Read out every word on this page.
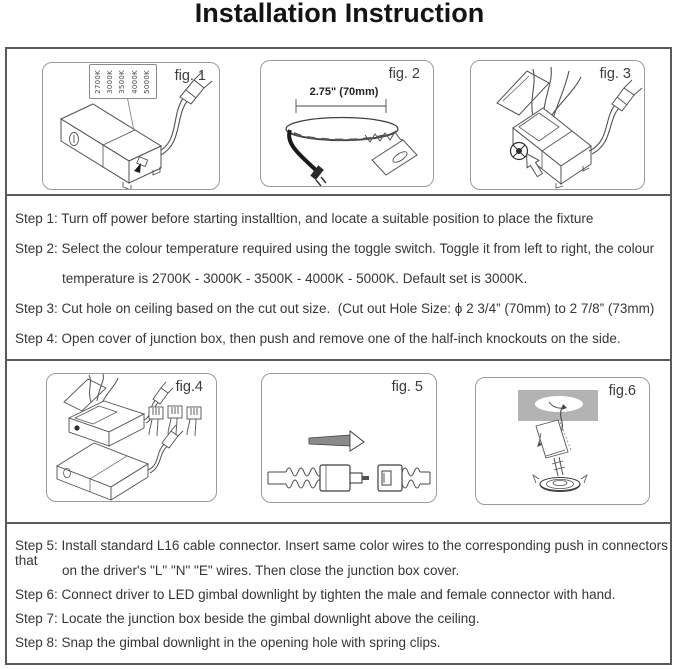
Installation Instruction
2700K 3000K 3500K 4000K 5000K fig. 1
2.75" (70mm)
fig. 2	fig. 3
Step 1: Turn off power before starting installtion, and locate a suitable position to place the fixture
Step 2: Select the colour temperature required using the toggle switch. Toggle it from left to right, the colour
temperature is 2700K - 3000K - 3500K - 4000K - 5000K. Default set is 3000K.
Step 3: Cut hole on ceiling based on the cut out size.  (Cut out Hole Size: ϕ 2 3/4” (70mm) to 2 7/8” (73mm)
Step 4: Open cover of junction box, then push and remove one of the half-inch knockouts on the side.
fig.4	fig. 5	fig.6
Step 5: Install standard L16 cable connector. Insert same color wires to the corresponding push in connectors that
on the driver's "L" "N" "E" wires. Then close the junction box cover.
Step 6: Connect driver to LED gimbal downlight by tighten the male and female connector with hand.
Step 7: Locate the junction box beside the gimbal downlight above the ceiling.
Step 8: Snap the gimbal downlight in the opening hole with spring clips.
